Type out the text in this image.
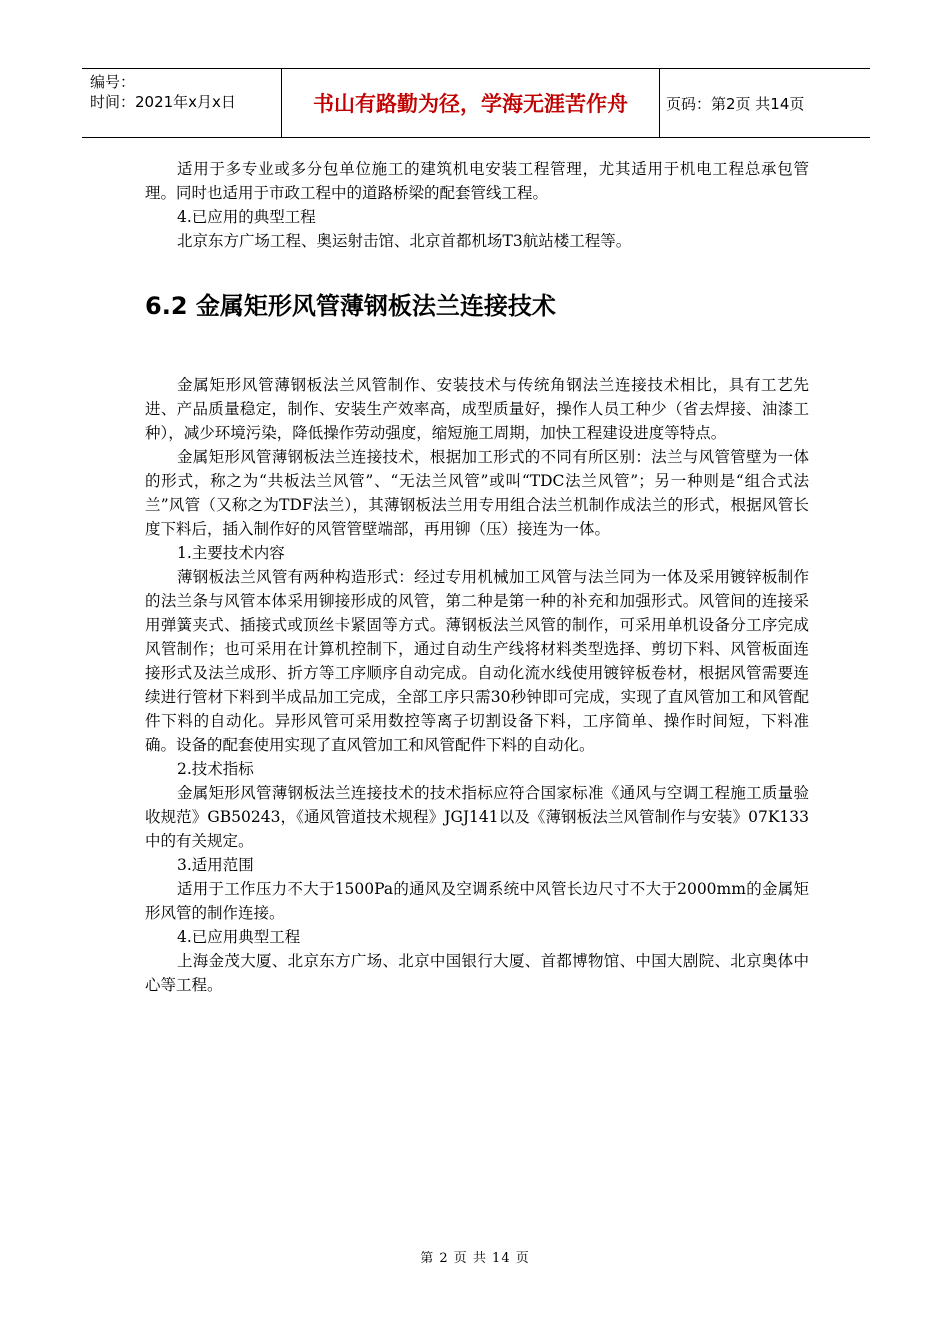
编号：
时间：2021年x月x日	书山有路勤为径，学海无涯苦作舟	页码：第2页 共14页

适用于多专业或多分包单位施工的建筑机电安装工程管理，尤其适用于机电工程总承包管理。同时也适用于市政工程中的道路桥梁的配套管线工程。

4.已应用的典型工程

北京东方广场工程、奥运射击馆、北京首都机场T3航站楼工程等。

6.2 金属矩形风管薄钢板法兰连接技术

金属矩形风管薄钢板法兰风管制作、安装技术与传统角钢法兰连接技术相比，具有工艺先进、产品质量稳定，制作、安装生产效率高，成型质量好，操作人员工种少（省去焊接、油漆工种），减少环境污染，降低操作劳动强度，缩短施工周期，加快工程建设进度等特点。

金属矩形风管薄钢板法兰连接技术，根据加工形式的不同有所区别：法兰与风管管壁为一体的形式，称之为“共板法兰风管”、“无法兰风管”或叫“TDC法兰风管”；另一种则是“组合式法兰”风管（又称之为TDF法兰），其薄钢板法兰用专用组合法兰机制作成法兰的形式，根据风管长度下料后，插入制作好的风管管壁端部，再用铆（压）接连为一体。

1.主要技术内容

薄钢板法兰风管有两种构造形式：经过专用机械加工风管与法兰同为一体及采用镀锌板制作的法兰条与风管本体采用铆接形成的风管，第二种是第一种的补充和加强形式。风管间的连接采用弹簧夹式、插接式或顶丝卡紧固等方式。薄钢板法兰风管的制作，可采用单机设备分工序完成风管制作；也可采用在计算机控制下，通过自动生产线将材料类型选择、剪切下料、风管板面连接形式及法兰成形、折方等工序顺序自动完成。自动化流水线使用镀锌板卷材，根据风管需要连续进行管材下料到半成品加工完成，全部工序只需30秒钟即可完成，实现了直风管加工和风管配件下料的自动化。异形风管可采用数控等离子切割设备下料，工序简单、操作时间短，下料准确。设备的配套使用实现了直风管加工和风管配件下料的自动化。

2.技术指标

金属矩形风管薄钢板法兰连接技术的技术指标应符合国家标准《通风与空调工程施工质量验收规范》GB50243，《通风管道技术规程》JGJ141以及《薄钢板法兰风管制作与安装》07K133中的有关规定。

3.适用范围

适用于工作压力不大于1500Pa的通风及空调系统中风管长边尺寸不大于2000mm的金属矩形风管的制作连接。

4.已应用典型工程

上海金茂大厦、北京东方广场、北京中国银行大厦、首都博物馆、中国大剧院、北京奥体中心等工程。

第 2 页 共 14 页
